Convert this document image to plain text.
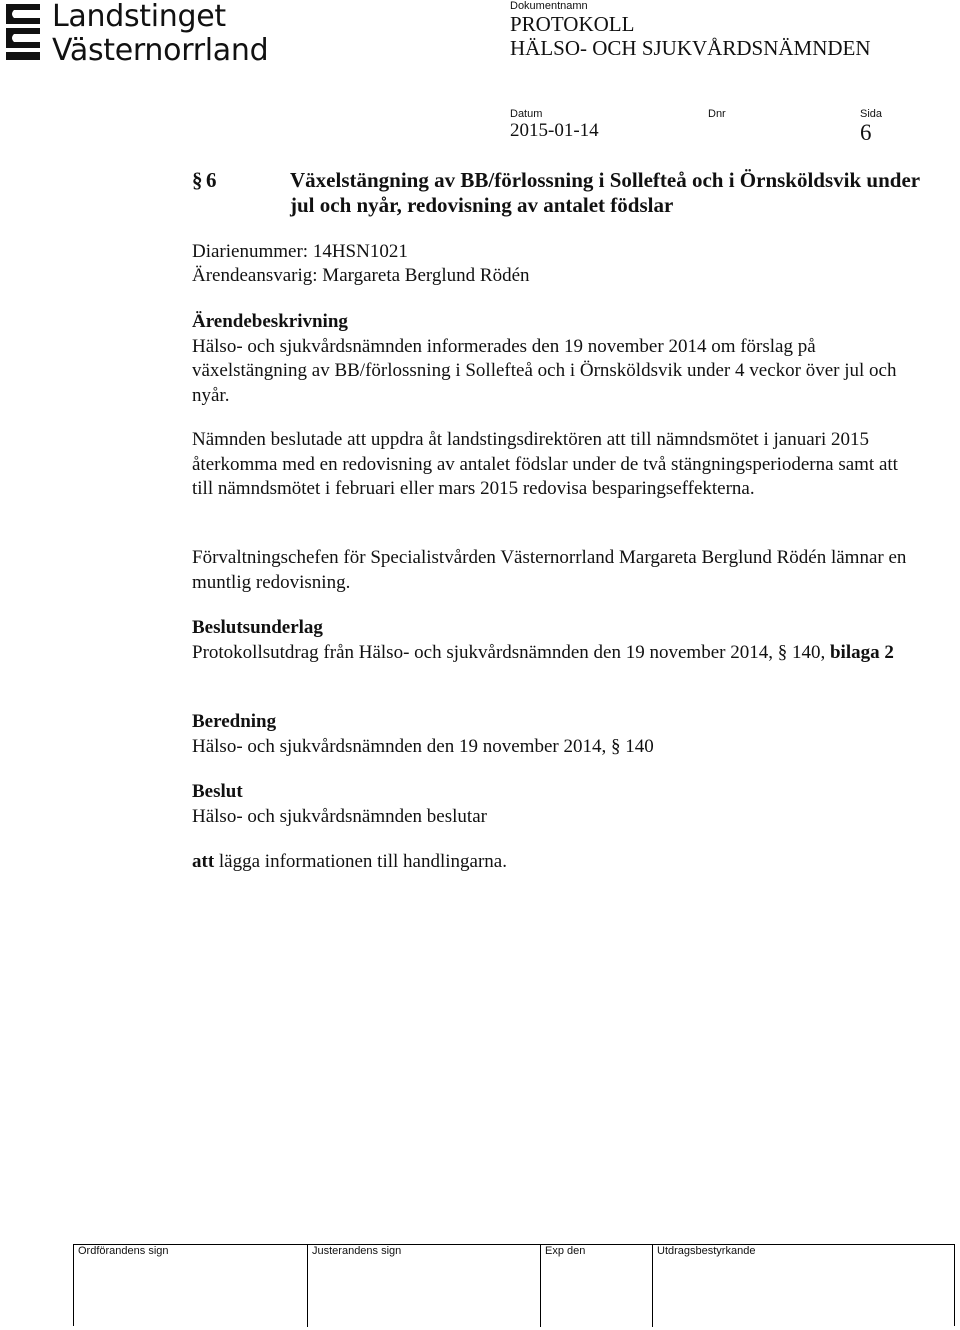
Landstinget
Västernorrland
Dokumentnamn
PROTOKOLL
HÄLSO- OCH SJUKVÅRDSNÄMNDEN
Datum
2015-01-14
Dnr	Sida
6
§ 6	Växelstängning av BB/förlossning i Sollefteå och i Örnsköldsvik under jul och nyår, redovisning av antalet födslar
Diarienummer: 14HSN1021
Ärendeansvarig: Margareta Berglund Rödén
Ärendebeskrivning
Hälso- och sjukvårdsnämnden informerades den 19 november 2014 om förslag på växelstängning av BB/förlossning i Sollefteå och i Örnsköldsvik under 4 veckor över jul och nyår.
Nämnden beslutade att uppdra åt landstingsdirektören att till nämndsmötet i januari 2015 återkomma med en redovisning av antalet födslar under de två stängningsperioderna samt att till nämndsmötet i februari eller mars 2015 redovisa besparingseffekterna.
Förvaltningschefen för Specialistvården Västernorrland Margareta Berglund Rödén lämnar en muntlig redovisning.
Beslutsunderlag
Protokollsutdrag från Hälso- och sjukvårdsnämnden den 19 november 2014, § 140, bilaga 2
Beredning
Hälso- och sjukvårdsnämnden den 19 november 2014, § 140
Beslut
Hälso- och sjukvårdsnämnden beslutar
att lägga informationen till handlingarna.
Ordförandens sign	Justerandens sign	Exp den	Utdragsbestyrkande
